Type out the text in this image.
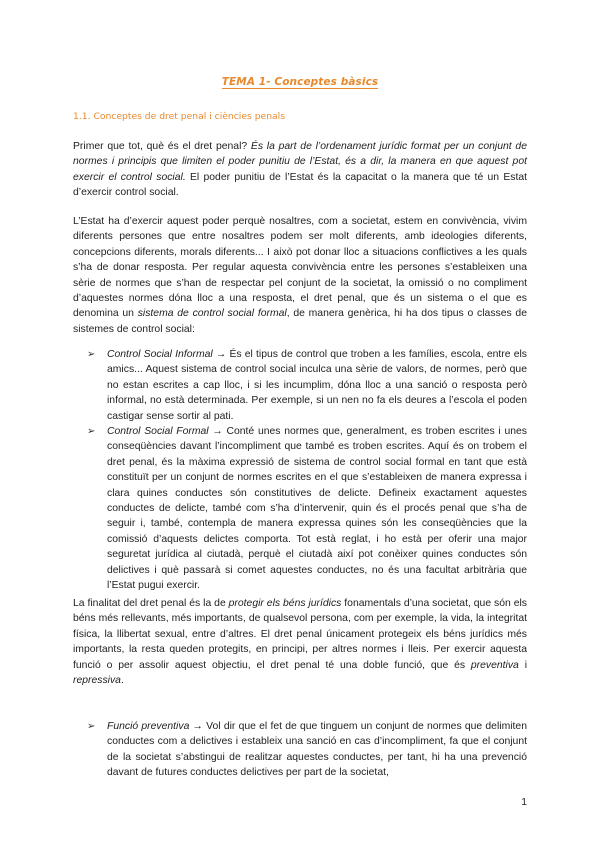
TEMA 1- Conceptes bàsics
1.1. Conceptes de dret penal i ciències penals

Primer que tot, què és el dret penal? És la part de l’ordenament jurídic format per un conjunt de normes i principis que limiten el poder punitiu de l’Estat, és a dir, la manera en que aquest pot exercir el control social. El poder punitiu de l’Estat és la capacitat o la manera que té un Estat d’exercir control social.

L’Estat ha d’exercir aquest poder perquè nosaltres, com a societat, estem en convivència, vivim diferents persones que entre nosaltres podem ser molt diferents, amb ideologies diferents, concepcions diferents, morals diferents... I això pot donar lloc a situacions conflictives a les quals s’ha de donar resposta. Per regular aquesta convivència entre les persones s’estableixen una sèrie de normes que s’han de respectar pel conjunt de la societat, la omissió o no compliment d’aquestes normes dóna lloc a una resposta, el dret penal, que és un sistema o el que es denomina un sistema de control social formal, de manera genèrica, hi ha dos tipus o classes de sistemes de control social:

➢ Control Social Informal → És el tipus de control que troben a les famílies, escola, entre els amics... Aquest sistema de control social inculca una sèrie de valors, de normes, però que no estan escrites a cap lloc, i si les incumplim, dóna lloc a una sanció o resposta però informal, no està determinada. Per exemple, si un nen no fa els deures a l’escola el poden castigar sense sortir al pati.
➢ Control Social Formal → Conté unes normes que, generalment, es troben escrites i unes conseqüències davant l’incompliment que també es troben escrites. Aquí és on trobem el dret penal, és la màxima expressió de sistema de control social formal en tant que està constituït per un conjunt de normes escrites en el que s’estableixen de manera expressa i clara quines conductes són constitutives de delicte. Defineix exactament aquestes conductes de delicte, també com s’ha d’intervenir, quin és el procés penal que s’ha de seguir i, també, contempla de manera expressa quines són les conseqüències que la comissió d’aquests delictes comporta. Tot està reglat, i ho està per oferir una major seguretat jurídica al ciutadà, perquè el ciutadà així pot conèixer quines conductes són delictives i què passarà si comet aquestes conductes, no és una facultat arbitrària que l’Estat pugui exercir.

La finalitat del dret penal és la de protegir els béns jurídics fonamentals d’una societat, que són els béns més rellevants, més importants, de qualsevol persona, com per exemple, la vida, la integritat física, la llibertat sexual, entre d’altres. El dret penal únicament protegeix els béns jurídics més importants, la resta queden protegits, en principi, per altres normes i lleis. Per exercir aquesta funció o per assolir aquest objectiu, el dret penal té una doble funció, que és preventiva i repressiva.

➢ Funció preventiva → Vol dir que el fet de que tinguem un conjunt de normes que delimiten conductes com a delictives i estableix una sanció en cas d’incompliment, fa que el conjunt de la societat s’abstingui de realitzar aquestes conductes, per tant, hi ha una prevenció davant de futures conductes delictives per part de la societat,
1
